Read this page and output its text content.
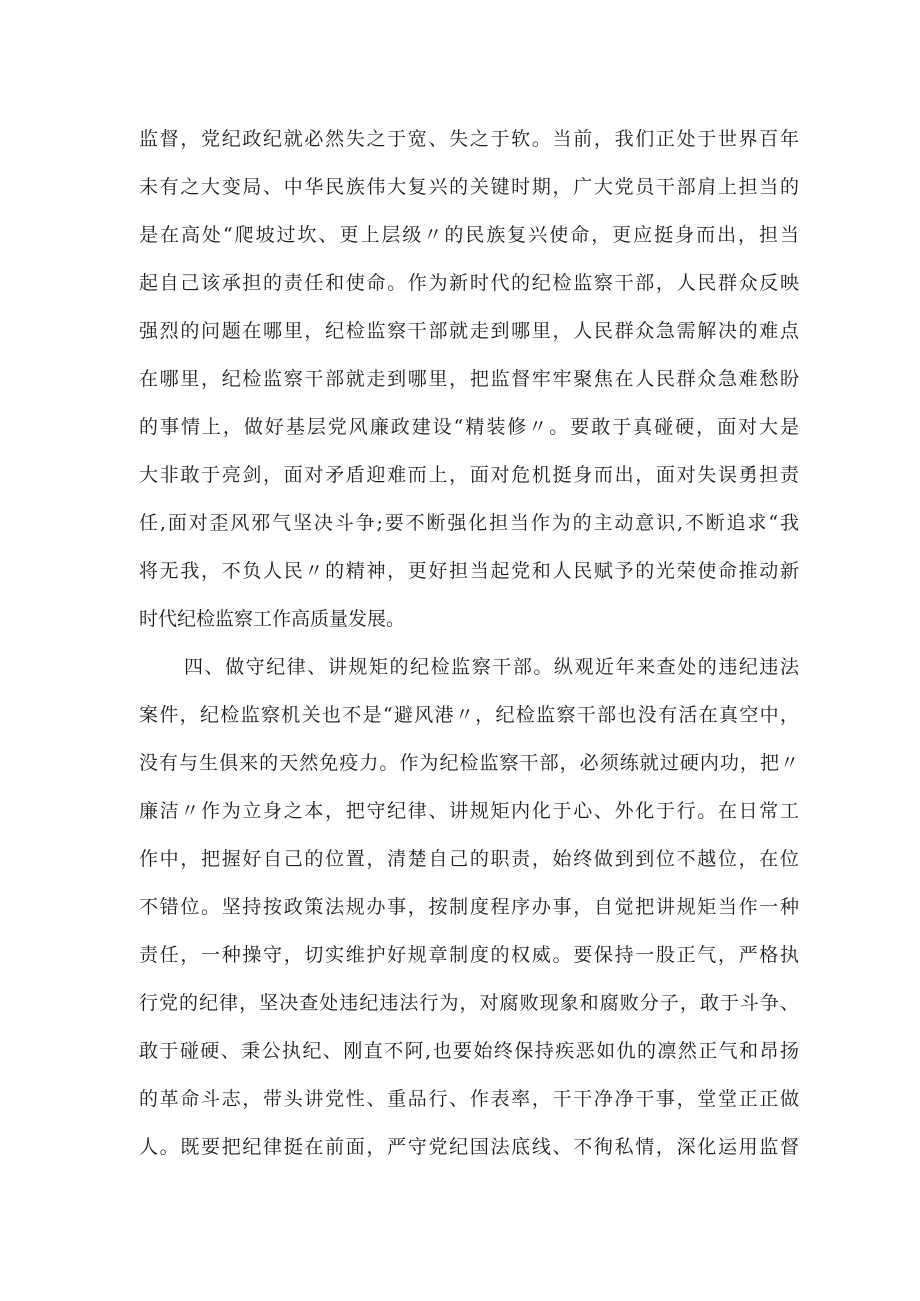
监督，党纪政纪就必然失之于宽、失之于软。当前，我们正处于世界百年
未有之大变局、中华民族伟大复兴的关键时期，广大党员干部肩上担当的
是在高处“爬坡过坎、更上层级〃的民族复兴使命，更应挺身而出，担当
起自己该承担的责任和使命。作为新时代的纪检监察干部，人民群众反映
强烈的问题在哪里，纪检监察干部就走到哪里，人民群众急需解决的难点
在哪里，纪检监察干部就走到哪里，把监督牢牢聚焦在人民群众急难愁盼
的事情上，做好基层党风廉政建设“精装修〃。要敢于真碰硬，面对大是
大非敢于亮剑，面对矛盾迎难而上，面对危机挺身而出，面对失误勇担责
任,面对歪风邪气坚决斗争;要不断强化担当作为的主动意识,不断追求“我
将无我，不负人民〃的精神，更好担当起党和人民赋予的光荣使命推动新
时代纪检监察工作高质量发展。
四、做守纪律、讲规矩的纪检监察干部。纵观近年来查处的违纪违法
案件，纪检监察机关也不是“避风港〃，纪检监察干部也没有活在真空中，
没有与生俱来的天然免疫力。作为纪检监察干部，必须练就过硬内功，把〃
廉洁〃作为立身之本，把守纪律、讲规矩内化于心、外化于行。在日常工
作中，把握好自己的位置，清楚自己的职责，始终做到到位不越位，在位
不错位。坚持按政策法规办事，按制度程序办事，自觉把讲规矩当作一种
责任，一种操守，切实维护好规章制度的权威。要保持一股正气，严格执
行党的纪律，坚决查处违纪违法行为，对腐败现象和腐败分子，敢于斗争、
敢于碰硬、秉公执纪、刚直不阿,也要始终保持疾恶如仇的凛然正气和昂扬
的革命斗志，带头讲党性、重品行、作表率，干干净净干事，堂堂正正做
人。既要把纪律挺在前面，严守党纪国法底线、不徇私情，深化运用监督
